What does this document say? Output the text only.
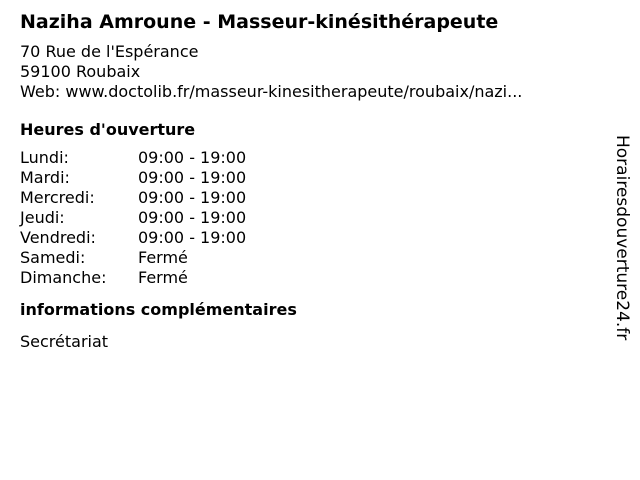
Naziha Amroune - Masseur-kinésithérapeute
70 Rue de l'Espérance
59100 Roubaix
Web: www.doctolib.fr/masseur-kinesitherapeute/roubaix/nazi...
Heures d'ouverture
Lundi:	09:00 - 19:00
Mardi:	09:00 - 19:00
Mercredi:	09:00 - 19:00
Jeudi:	09:00 - 19:00
Vendredi:	09:00 - 19:00
Samedi:	Fermé
Dimanche:	Fermé
informations complémentaires
Secrétariat
Horairesdouverture24.fr
